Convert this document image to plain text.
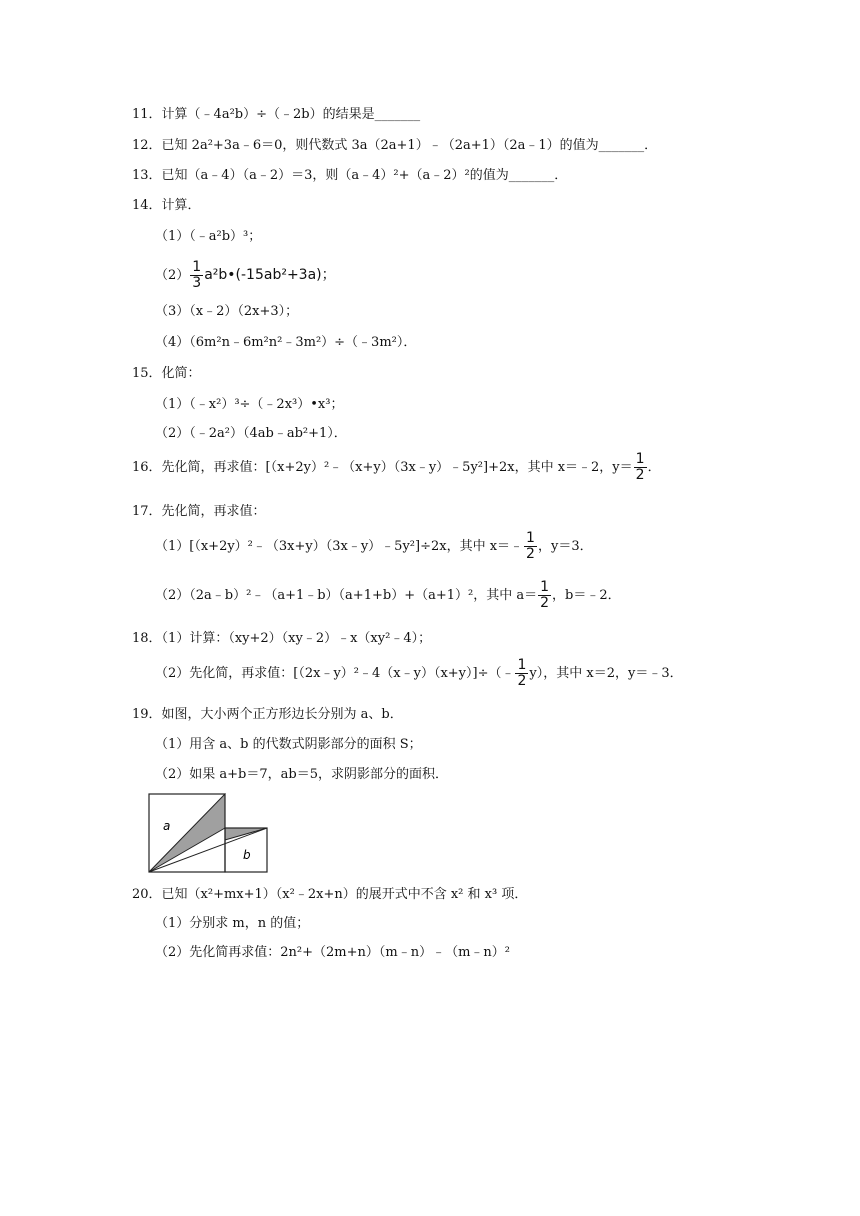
11．计算（﹣4a²b）÷（﹣2b）的结果是_______
12．已知 2a²+3a﹣6＝0，则代数式 3a（2a+1）﹣（2a+1）（2a﹣1）的值为_______．
13．已知（a﹣4）（a﹣2）＝3，则（a﹣4）²+（a﹣2）²的值为_______．
14．计算．
（1）（﹣a²b）³；
$(2) \frac{1}{3}$ a²b•(-15ab²+3a)；
（3）（x﹣2）（2x+3）；
（4）（6m²n﹣6m²n²﹣3m²）÷（﹣3m²）．
15．化简：
（1）（﹣x²）³÷（﹣2x³）•x³；
（2）（﹣2a²）（4ab﹣ab²+1）．
16．先化简，再求值：[（x+2y）²﹣（x+y）（3x﹣y）﹣5y²]+2x，其中 x＝﹣2，$y= \frac{1}{2}$ ．
17．先化简，再求值：
（1）[（x+2y）²﹣（3x+y）（3x﹣y）﹣5y²]÷2x，其中 x＝﹣ $\frac{1}{2}$ ，y＝3．
（2）（2a﹣b）²﹣（a+1﹣b）（a+1+b）+（a+1）²，其中 $a= \frac{1}{2}$ ，b＝﹣2．
18．（1）计算：（xy+2）（xy﹣2）﹣x（xy²﹣4）；
（2）先化简，再求值：[（2x﹣y）²﹣4（x﹣y）（x+y）]÷（﹣ $\frac{1}{2} y$），其中 x＝2，y＝﹣3．
19．如图，大小两个正方形边长分别为 a、b．
（1）用含 a、b 的代数式阴影部分的面积 S；
（2）如果 a+b＝7，ab＝5，求阴影部分的面积．
a
b
20．已知（x²+mx+1）（x²﹣2x+n）的展开式中不含 x² 和 x³ 项．
（1）分别求 m，n 的值；
（2）先化简再求值：2n²+（2m+n）（m﹣n）﹣（m﹣n）²
